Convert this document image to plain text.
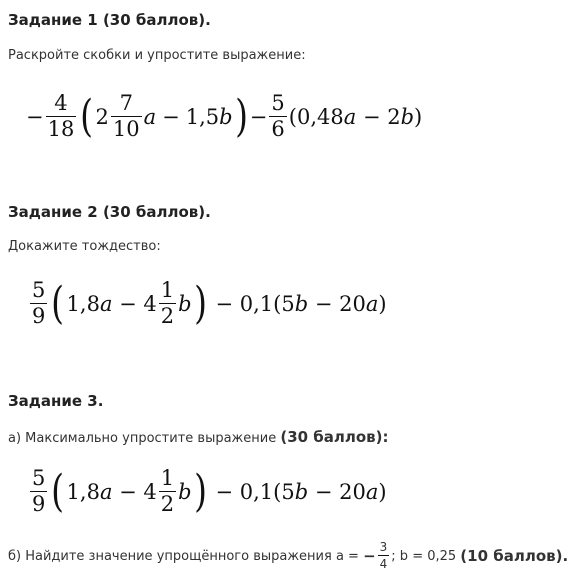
Задание 1 (30 баллов).
Раскройте скобки и упростите выражение:
− $\frac{4}{18}$ ( $2 \frac{7}{10}$ a − 1,5 b ) − $\frac{5}{6} (0,48$ a − 2 b )
Задание 2 (30 баллов).
Докажите тождество:
$\frac{5}{9}$ ( 1,8 $a - 4 \frac{1}{2}$ b ) − 0,1(5 b − 20 a )
Задание 3.
а) Максимально упростите выражение (30 баллов):
$\frac{5}{9}$ ( 1,8 $a - 4 \frac{1}{2}$ b ) − 0,1(5 b − 20 a )
б) Найдите значение упрощённого выражения a = − $\frac{3}{4}$ ; b = 0,25 (10 баллов).
